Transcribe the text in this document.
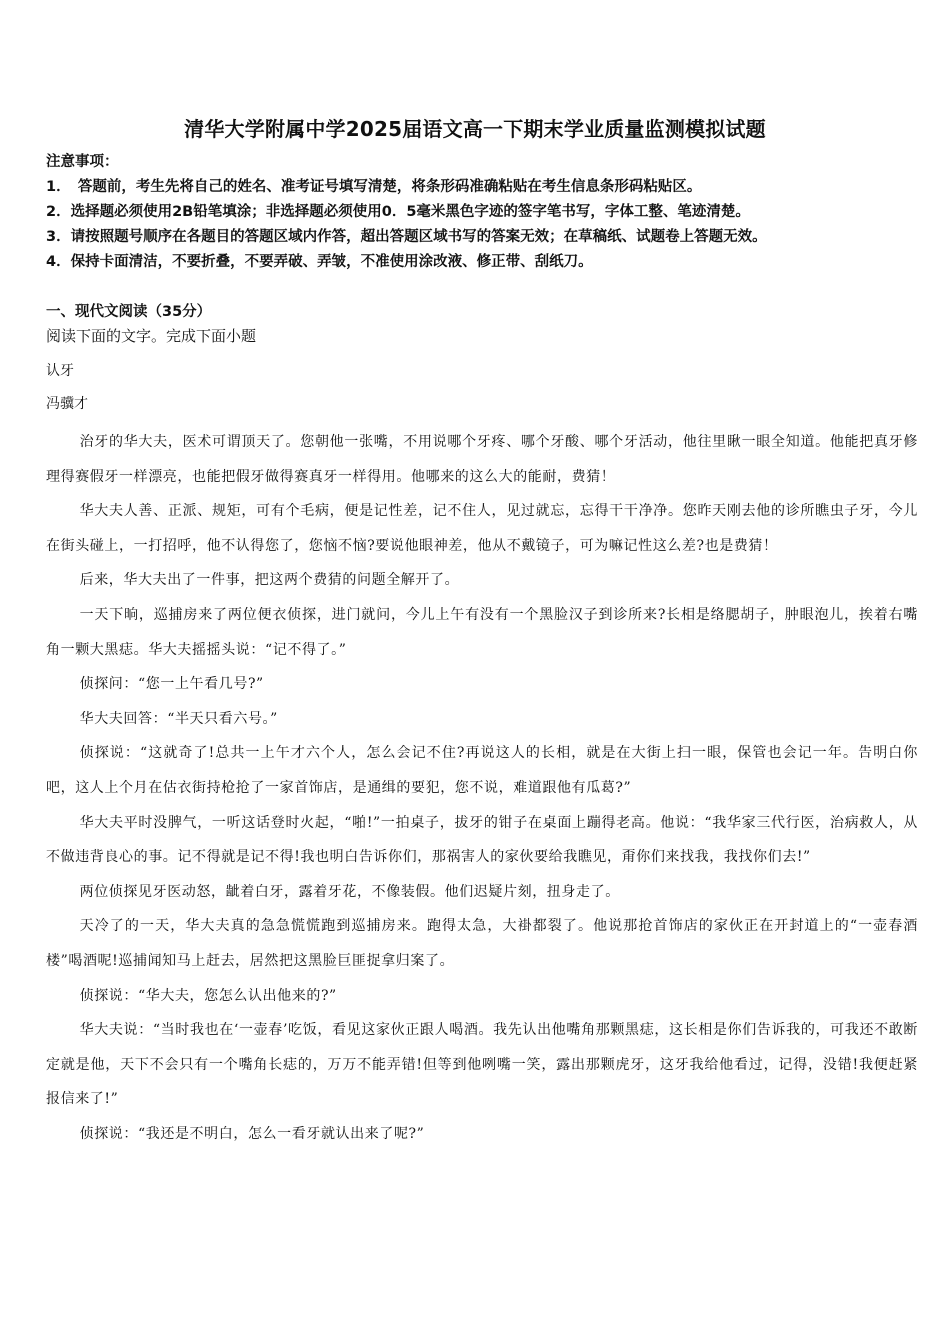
清华大学附属中学2025届语文高一下期末学业质量监测模拟试题
注意事项：
1．　答题前，考生先将自己的姓名、准考证号填写清楚，将条形码准确粘贴在考生信息条形码粘贴区。
2．选择题必须使用2B铅笔填涂；非选择题必须使用0．5毫米黑色字迹的签字笔书写，字体工整、笔迹清楚。
3．请按照题号顺序在各题目的答题区域内作答，超出答题区域书写的答案无效；在草稿纸、试题卷上答题无效。
4．保持卡面清洁，不要折叠，不要弄破、弄皱，不准使用涂改液、修正带、刮纸刀。
一、现代文阅读（35分）
阅读下面的文字。完成下面小题
认牙
冯骥才

治牙的华大夫，医术可谓顶天了。您朝他一张嘴，不用说哪个牙疼、哪个牙酸、哪个牙活动，他往里瞅一眼全知道。他能把真牙修理得赛假牙一样漂亮，也能把假牙做得赛真牙一样得用。他哪来的这么大的能耐，费猜！

华大夫人善、正派、规矩，可有个毛病，便是记性差，记不住人，见过就忘，忘得干干净净。您昨天刚去他的诊所瞧虫子牙，今儿在街头碰上，一打招呼，他不认得您了，您恼不恼?要说他眼神差，他从不戴镜子，可为嘛记性这么差?也是费猜！

后来，华大夫出了一件事，把这两个费猜的问题全解开了。

一天下晌，巡捕房来了两位便衣侦探，进门就问，今儿上午有没有一个黑脸汉子到诊所来?长相是络腮胡子，肿眼泡儿，挨着右嘴角一颗大黑痣。华大夫摇摇头说：“记不得了。”

侦探问：“您一上午看几号?”

华大夫回答：“半天只看六号。”

侦探说：“这就奇了!总共一上午才六个人，怎么会记不住?再说这人的长相，就是在大街上扫一眼，保管也会记一年。告明白你吧，这人上个月在估衣街持枪抢了一家首饰店，是通缉的要犯，您不说，难道跟他有瓜葛?”

华大夫平时没脾气，一听这话登时火起，“啪!”一拍桌子，拔牙的钳子在桌面上蹦得老高。他说：“我华家三代行医，治病救人，从不做违背良心的事。记不得就是记不得!我也明白告诉你们，那祸害人的家伙要给我瞧见，甭你们来找我，我找你们去!”

两位侦探见牙医动怒，龇着白牙，露着牙花，不像装假。他们迟疑片刻，扭身走了。

天冷了的一天，华大夫真的急急慌慌跑到巡捕房来。跑得太急，大褂都裂了。他说那抢首饰店的家伙正在开封道上的“一壶春酒楼”喝酒呢!巡捕闻知马上赶去，居然把这黑脸巨匪捉拿归案了。

侦探说：“华大夫，您怎么认出他来的?”

华大夫说：“当时我也在‘一壶春’吃饭，看见这家伙正跟人喝酒。我先认出他嘴角那颗黑痣，这长相是你们告诉我的，可我还不敢断定就是他，天下不会只有一个嘴角长痣的，万万不能弄错!但等到他咧嘴一笑，露出那颗虎牙，这牙我给他看过，记得，没错!我便赶紧报信来了!”

侦探说：“我还是不明白，怎么一看牙就认出来了呢?”
